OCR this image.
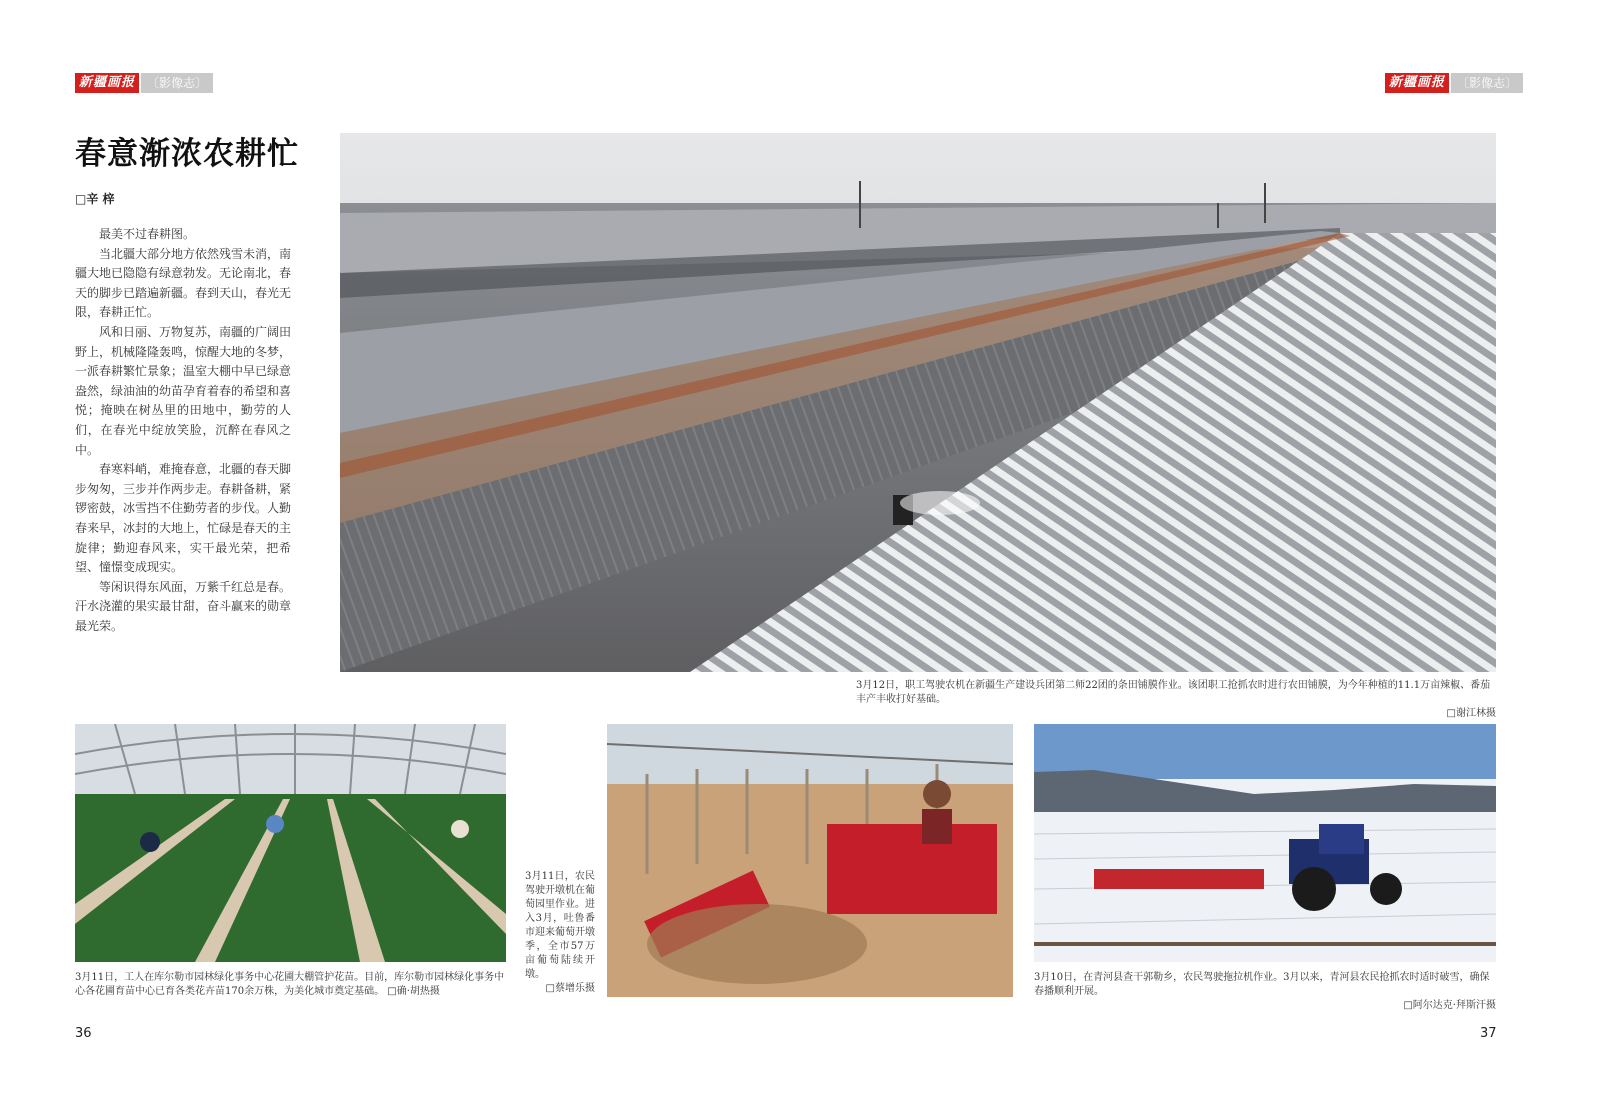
新疆画报	〔影像志〕	新疆画报	〔影像志〕
春意渐浓农耕忙
□辛 梓

最美不过春耕图。

当北疆大部分地方依然残雪未消，南疆大地已隐隐有绿意勃发。无论南北，春天的脚步已踏遍新疆。春到天山，春光无限，春耕正忙。

风和日丽、万物复苏，南疆的广阔田野上，机械隆隆轰鸣，惊醒大地的冬梦，一派春耕繁忙景象；温室大棚中早已绿意盎然，绿油油的幼苗孕育着春的希望和喜悦；掩映在树丛里的田地中，勤劳的人们，在春光中绽放笑脸，沉醉在春风之中。

春寒料峭，难掩春意，北疆的春天脚步匆匆，三步并作两步走。春耕备耕，紧锣密鼓，冰雪挡不住勤劳者的步伐。人勤春来早，冰封的大地上，忙碌是春天的主旋律；勤迎春风来，实干最光荣，把希望、憧憬变成现实。

等闲识得东风面，万紫千红总是春。汗水浇灌的果实最甘甜，奋斗赢来的勋章最光荣。

3月12日，职工驾驶农机在新疆生产建设兵团第二师22团的条田铺膜作业。该团职工抢抓农时进行农田铺膜，为今年种植的11.1万亩辣椒、番茄丰产丰收打好基础。
□谢江林摄
3月11日，工人在库尔勒市园林绿化事务中心花圃大棚管护花苗。目前，库尔勒市园林绿化事务中心各花圃育苗中心已育各类花卉苗170余万株，为美化城市奠定基础。 □确·胡热摄
3月11日，农民驾驶开墩机在葡萄园里作业。进入3月，吐鲁番市迎来葡萄开墩季，全市57万亩葡萄陆续开墩。
□蔡增乐摄
3月10日，在青河县查干郭勒乡，农民驾驶拖拉机作业。3月以来，青河县农民抢抓农时适时破雪，确保春播顺利开展。
□阿尔达克·拜斯汗摄
36	37
